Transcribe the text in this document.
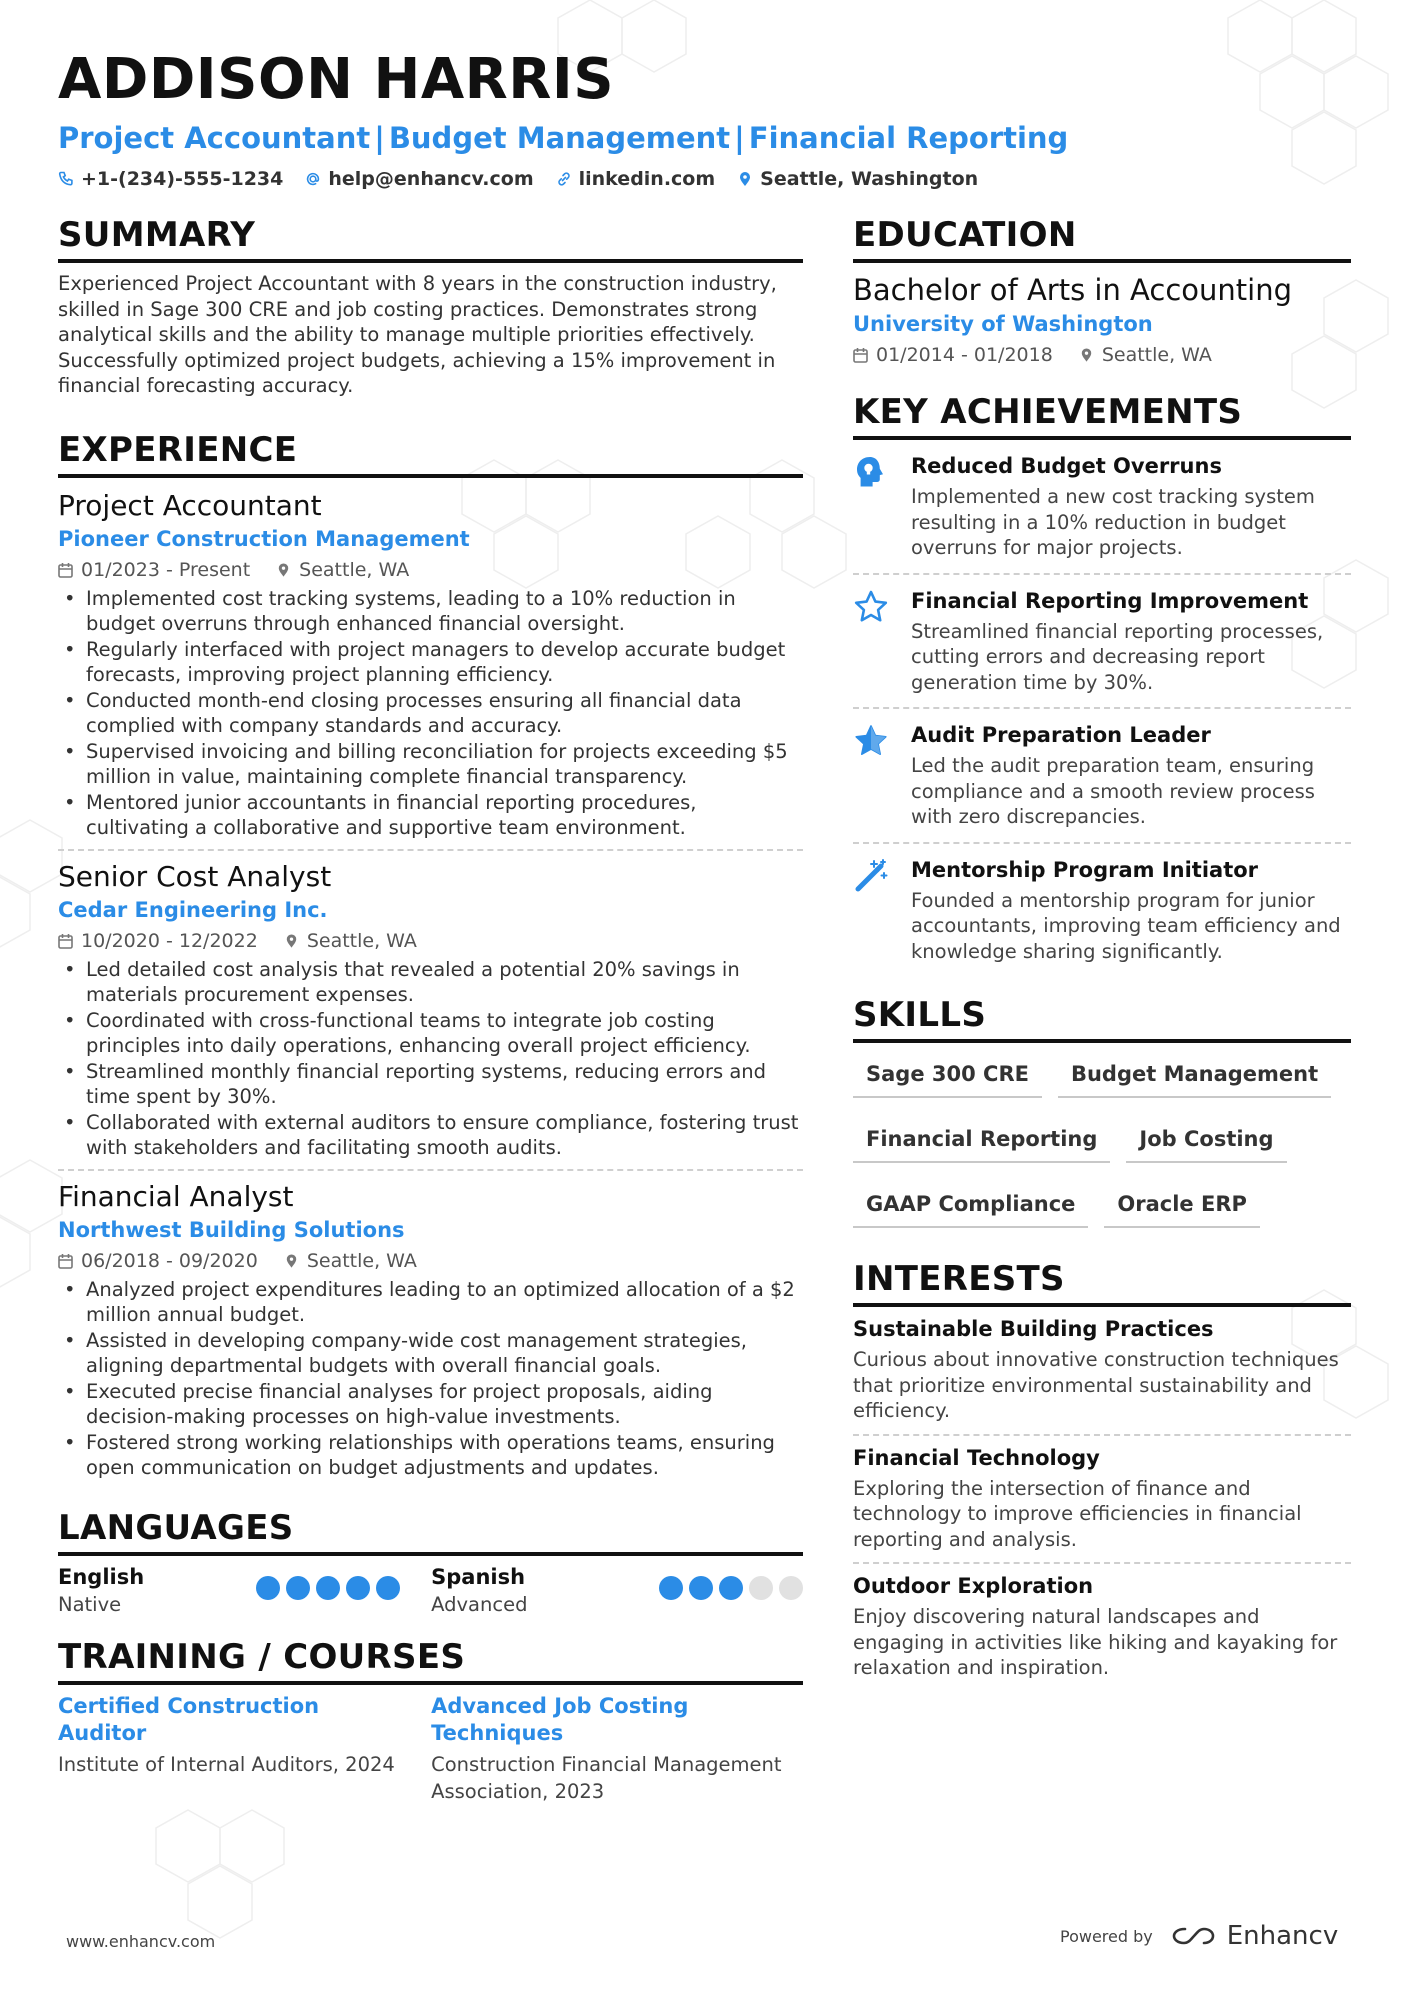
ADDISON HARRIS
Project Accountant | Budget Management | Financial Reporting
+1-(234)-555-1234 help@enhancv.com linkedin.com Seattle, Washington
SUMMARY
Experienced Project Accountant with 8 years in the construction industry, skilled in Sage 300 CRE and job costing practices. Demonstrates strong analytical skills and the ability to manage multiple priorities effectively. Successfully optimized project budgets, achieving a 15% improvement in financial forecasting accuracy.
EXPERIENCE
Project Accountant
Pioneer Construction Management
01/2023 - Present	Seattle, WA
• Implemented cost tracking systems, leading to a 10% reduction in budget overruns through enhanced financial oversight.
• Regularly interfaced with project managers to develop accurate budget forecasts, improving project planning efficiency.
• Conducted month-end closing processes ensuring all financial data complied with company standards and accuracy.
• Supervised invoicing and billing reconciliation for projects exceeding $5 million in value, maintaining complete financial transparency.
• Mentored junior accountants in financial reporting procedures, cultivating a collaborative and supportive team environment.
Senior Cost Analyst
Cedar Engineering Inc.
10/2020 - 12/2022	Seattle, WA
• Led detailed cost analysis that revealed a potential 20% savings in materials procurement expenses.
• Coordinated with cross-functional teams to integrate job costing principles into daily operations, enhancing overall project efficiency.
• Streamlined monthly financial reporting systems, reducing errors and time spent by 30%.
• Collaborated with external auditors to ensure compliance, fostering trust with stakeholders and facilitating smooth audits.
Financial Analyst
Northwest Building Solutions
06/2018 - 09/2020	Seattle, WA
• Analyzed project expenditures leading to an optimized allocation of a $2 million annual budget.
• Assisted in developing company-wide cost management strategies, aligning departmental budgets with overall financial goals.
• Executed precise financial analyses for project proposals, aiding decision-making processes on high-value investments.
• Fostered strong working relationships with operations teams, ensuring open communication on budget adjustments and updates.
LANGUAGES
English
Native
Spanish
Advanced
TRAINING / COURSES
Certified Construction Auditor
Institute of Internal Auditors, 2024
Advanced Job Costing Techniques
Construction Financial Management Association, 2023
EDUCATION
Bachelor of Arts in Accounting
University of Washington
01/2014 - 01/2018	Seattle, WA
KEY ACHIEVEMENTS
Reduced Budget Overruns
Implemented a new cost tracking system resulting in a 10% reduction in budget overruns for major projects.
Financial Reporting Improvement
Streamlined financial reporting processes, cutting errors and decreasing report generation time by 30%.
Audit Preparation Leader
Led the audit preparation team, ensuring compliance and a smooth review process with zero discrepancies.
Mentorship Program Initiator
Founded a mentorship program for junior accountants, improving team efficiency and knowledge sharing significantly.
SKILLS
Sage 300 CRE	Budget Management
Financial Reporting	Job Costing
GAAP Compliance	Oracle ERP
INTERESTS
Sustainable Building Practices
Curious about innovative construction techniques that prioritize environmental sustainability and efficiency.
Financial Technology
Exploring the intersection of finance and technology to improve efficiencies in financial reporting and analysis.
Outdoor Exploration
Enjoy discovering natural landscapes and engaging in activities like hiking and kayaking for relaxation and inspiration.
www.enhancv.com	Powered by	Enhancv
